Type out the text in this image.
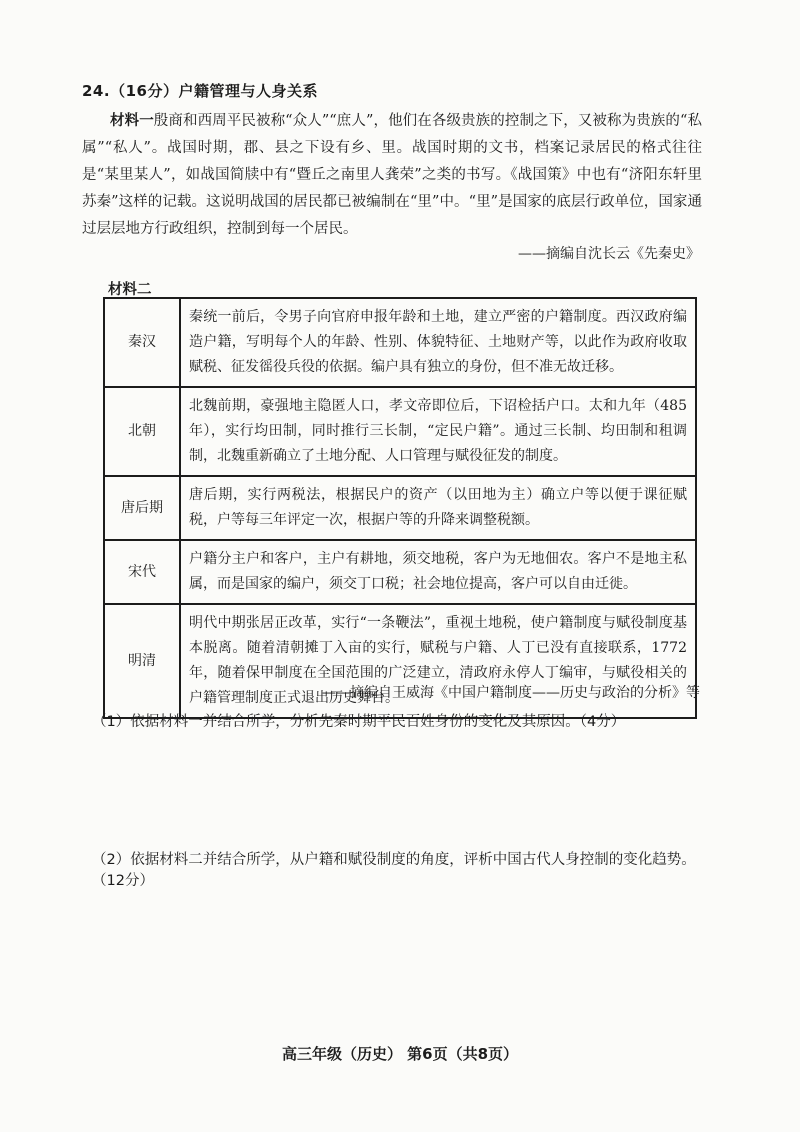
24.（16分）户籍管理与人身关系
材料一殷商和西周平民被称“众人”“庶人”，他们在各级贵族的控制之下，又被称为贵族的“私属”“私人”。战国时期，郡、县之下设有乡、里。战国时期的文书，档案记录居民的格式往往是“某里某人”，如战国简牍中有“暨丘之南里人龚荣”之类的书写。《战国策》中也有“济阳东轩里苏秦”这样的记载。这说明战国的居民都已被编制在“里”中。“里”是国家的底层行政单位，国家通过层层地方行政组织，控制到每一个居民。
——摘编自沈长云《先秦史》
材料二
秦汉	秦统一前后，令男子向官府申报年龄和土地，建立严密的户籍制度。西汉政府编造户籍，写明每个人的年龄、性别、体貌特征、土地财产等，以此作为政府收取赋税、征发徭役兵役的依据。编户具有独立的身份，但不准无故迁移。
北朝	北魏前期，豪强地主隐匿人口，孝文帝即位后，下诏检括户口。太和九年（485年），实行均田制，同时推行三长制，“定民户籍”。通过三长制、均田制和租调制，北魏重新确立了土地分配、人口管理与赋役征发的制度。
唐后期	唐后期，实行两税法，根据民户的资产（以田地为主）确立户等以便于课征赋税，户等每三年评定一次，根据户等的升降来调整税额。
宋代	户籍分主户和客户，主户有耕地，须交地税，客户为无地佃农。客户不是地主私属，而是国家的编户，须交丁口税；社会地位提高，客户可以自由迁徙。
明清	明代中期张居正改革，实行“一条鞭法”，重视土地税，使户籍制度与赋役制度基本脱离。随着清朝摊丁入亩的实行，赋税与户籍、人丁已没有直接联系，1772年，随着保甲制度在全国范围的广泛建立，清政府永停人丁编审，与赋役相关的户籍管理制度正式退出历史舞台。
——摘编自王威海《中国户籍制度——历史与政治的分析》等
（1）依据材料一并结合所学，分析先秦时期平民百姓身份的变化及其原因。（4分）
（2）依据材料二并结合所学，从户籍和赋役制度的角度，评析中国古代人身控制的变化趋势。（12分）
高三年级（历史） 第6页（共8页）
